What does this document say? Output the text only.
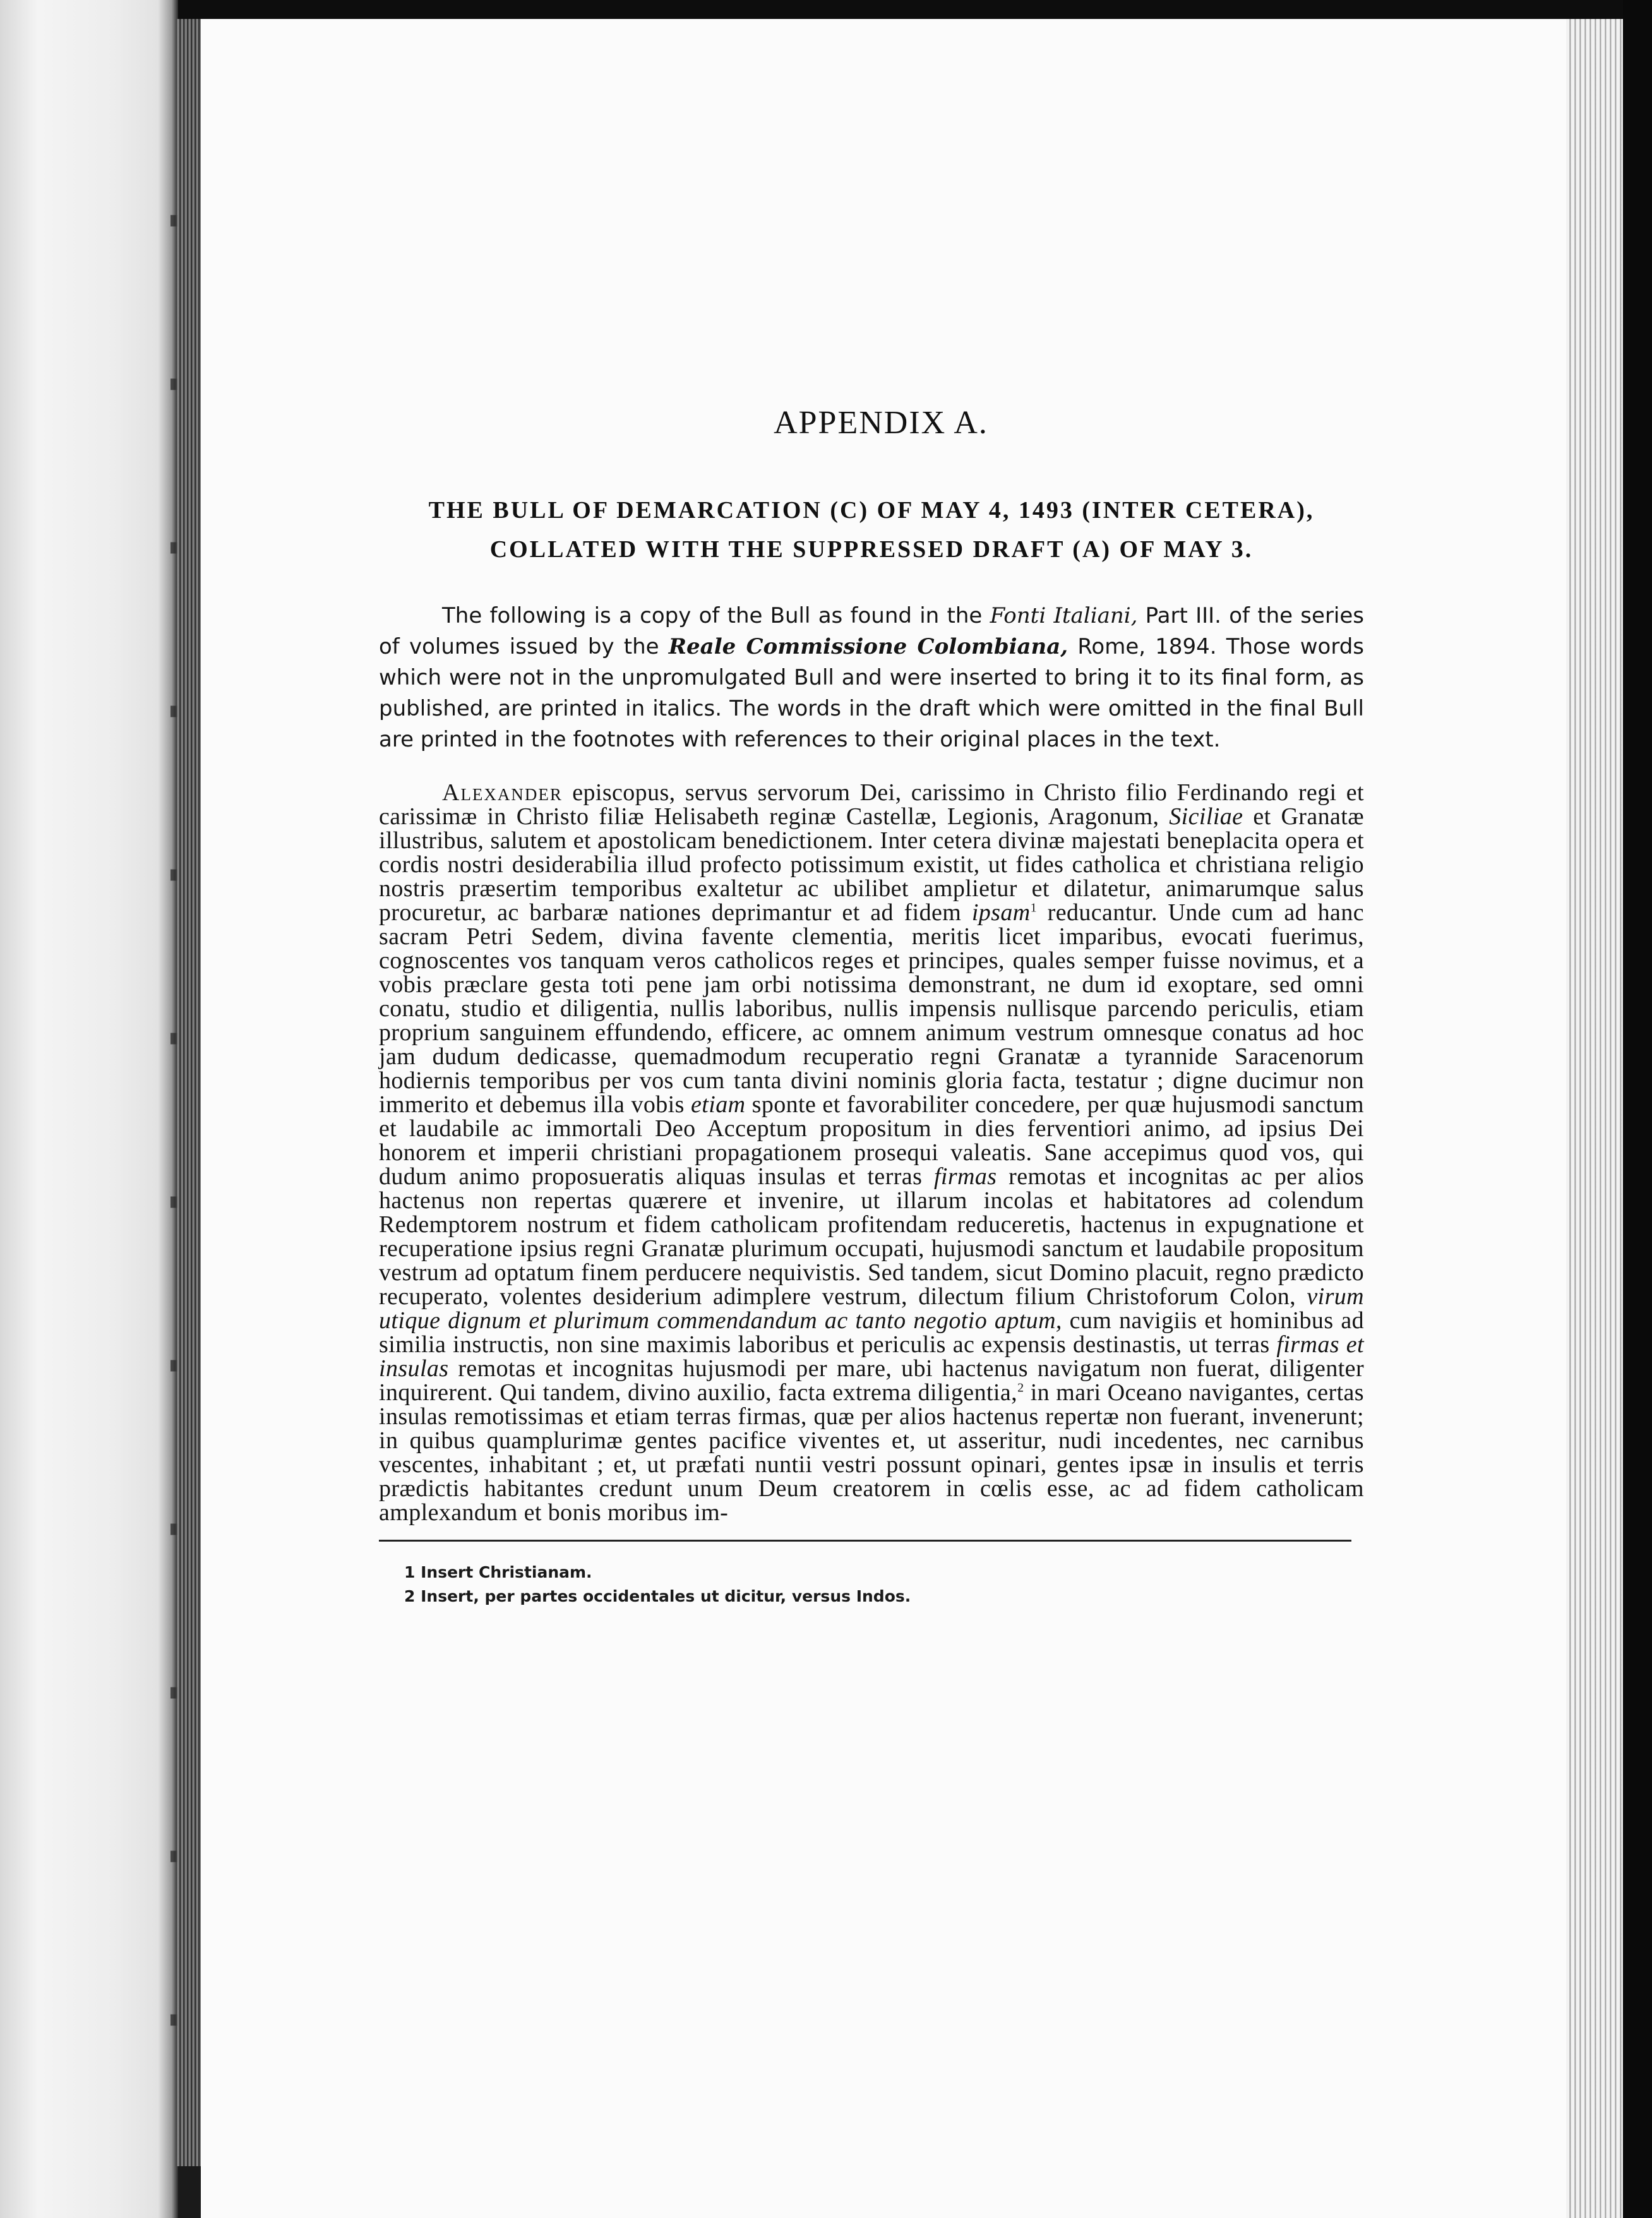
APPENDIX A.
THE BULL OF DEMARCATION (C) OF MAY 4, 1493 (INTER CETERA),
COLLATED WITH THE SUPPRESSED DRAFT (A) OF MAY 3.

The following is a copy of the Bull as found in the Fonti Italiani, Part III. of the series of volumes issued by the Reale Commissione Colombiana, Rome, 1894. Those words which were not in the unpromulgated Bull and were inserted to bring it to its final form, as published, are printed in italics. The words in the draft which were omitted in the final Bull are printed in the footnotes with references to their original places in the text.

Alexander episcopus, servus servorum Dei, carissimo in Christo filio Ferdinando regi et carissimæ in Christo filiæ Helisabeth reginæ Castellæ, Legionis, Aragonum, Siciliae et Granatæ illustribus, salutem et apostolicam benedictionem. Inter cetera divinæ majestati beneplacita opera et cordis nostri desiderabilia illud profecto potissimum existit, ut fides catholica et christiana religio nostris præsertim temporibus exaltetur ac ubilibet amplietur et dilatetur, animarumque salus procuretur, ac barbaræ nationes deprimantur et ad fidem ipsam$^1$ reducantur. Unde cum ad hanc sacram Petri Sedem, divina favente clementia, meritis licet imparibus, evocati fuerimus, cognoscentes vos tanquam veros catholicos reges et principes, quales semper fuisse novimus, et a vobis præclare gesta toti pene jam orbi notissima demonstrant, ne dum id exoptare, sed omni conatu, studio et diligentia, nullis laboribus, nullis impensis nullisque parcendo periculis, etiam proprium sanguinem effundendo, efficere, ac omnem animum vestrum omnesque conatus ad hoc jam dudum dedicasse, quemadmodum recuperatio regni Granatæ a tyrannide Saracenorum hodiernis temporibus per vos cum tanta divini nominis gloria facta, testatur ; digne ducimur non immerito et debemus illa vobis etiam sponte et favorabiliter concedere, per quæ hujusmodi sanctum et laudabile ac immortali Deo Acceptum propositum in dies ferventiori animo, ad ipsius Dei honorem et imperii christiani propagationem prosequi valeatis. Sane accepimus quod vos, qui dudum animo proposueratis aliquas insulas et terras firmas remotas et incognitas ac per alios hactenus non repertas quærere et invenire, ut illarum incolas et habitatores ad colendum Redemptorem nostrum et fidem catholicam profitendam reduceretis, hactenus in expugnatione et recuperatione ipsius regni Granatæ plurimum occupati, hujusmodi sanctum et laudabile propositum vestrum ad optatum finem perducere nequivistis. Sed tandem, sicut Domino placuit, regno prædicto recuperato, volentes desiderium adimplere vestrum, dilectum filium Christoforum Colon, virum utique dignum et plurimum commendandum ac tanto negotio aptum, cum navigiis et hominibus ad similia instructis, non sine maximis laboribus et periculis ac expensis destinastis, ut terras firmas et insulas remotas et incognitas hujusmodi per mare, ubi hactenus navigatum non fuerat, diligenter inquirerent. Qui tandem, divino auxilio, facta extrema diligentia,$^2$ in mari Oceano navigantes, certas insulas remotissimas et etiam terras firmas, quæ per alios hactenus repertæ non fuerant, invenerunt; in quibus quamplurimæ gentes pacifice viventes et, ut asseritur, nudi incedentes, nec carnibus vescentes, inhabitant ; et, ut præfati nuntii vestri possunt opinari, gentes ipsæ in insulis et terris prædictis habitantes credunt unum Deum creatorem in cœlis esse, ac ad fidem catholicam amplexandum et bonis moribus im-

1 Insert Christianam.

2 Insert, per partes occidentales ut dicitur, versus Indos.
